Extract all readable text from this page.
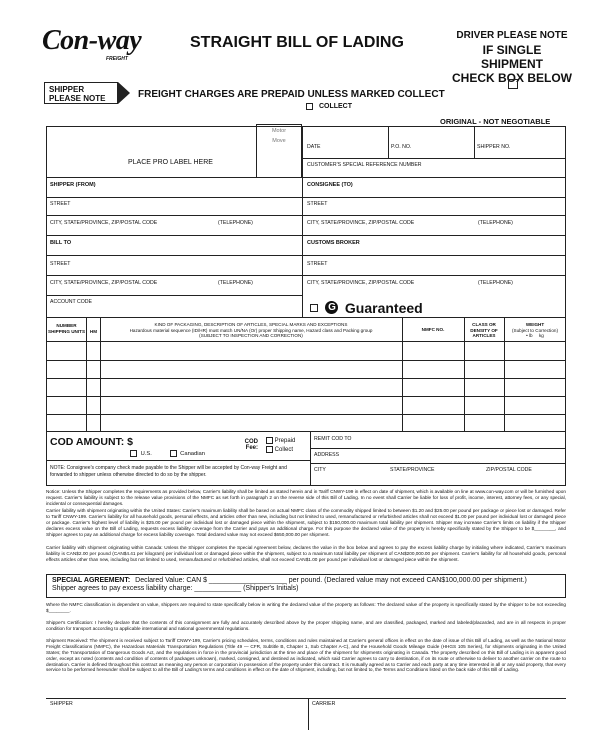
Con-way
FREIGHT
STRAIGHT BILL OF LADING	DRIVER PLEASE NOTE
IF SINGLE SHIPMENT
CHECK BOX BELOW
SHIPPER
PLEASE NOTE	FREIGHT CHARGES ARE PREPAID UNLESS MARKED COLLECT
COLLECT
ORIGINAL - NOT NEGOTIABLE
Motor
Move
PLACE PRO LABEL HERE
DATE	P.O. NO.	SHIPPER NO.
CUSTOMER'S SPECIAL REFERENCE NUMBER
SHIPPER (FROM)	CONSIGNEE (TO)
STREET	STREET
CITY, STATE/PROVINCE, ZIP/POSTAL CODE	(TELEPHONE)	CITY, STATE/PROVINCE, ZIP/POSTAL CODE	(TELEPHONE)
BILL TO	CUSTOMS BROKER
STREET	STREET
CITY, STATE/PROVINCE, ZIP/POSTAL CODE	(TELEPHONE)	CITY, STATE/PROVINCE, ZIP/POSTAL CODE	(TELEPHONE)
ACCOUNT CODE
G Guaranteed
NUMBER SHIPPING UNITS	HM
KIND OF PACKAGING, DESCRIPTION OF ARTICLES, SPECIAL MARKS AND EXCEPTIONS
Hazardous material sequence (ID/HR) must match UN/NA (Or) proper Shipping name, Hazard class and Packing group
(SUBJECT TO INSPECTION AND CORRECTION)
NMFC NO.
CLASS OR DENSITY OF ARTICLES
WEIGHT
(Subject to Correction)
• lb kg
COD AMOUNT: $
U.S.	Canadian
COD
Fee:
Prepaid
Collect
NOTE: Consignee's company check made payable to the Shipper will be accepted by Con-way Freight and forwarded to shipper unless otherwise directed to do so by the shipper.
REMIT COD TO
ADDRESS
CITY	STATE/PROVINCE	ZIP/POSTAL CODE
Notice: Unless the Shipper completes the requirements as provided below, Carrier's liability shall be limited as stated herein and in Tariff CNWY-199 in effect on date of shipment, which is available on line at www.con-way.com or will be furnished upon request. Carrier's liability is subject to the release value provisions of the NMFC as set forth in paragraph 2 on the reverse side of this Bill of Lading. In no event shall Carrier be liable for loss of profit, income, interest, attorney fees, or any special, incidental or consequential damages.
Carrier liability with shipment originating within the United States: Carrier's maximum liability shall be based on actual NMFC class of the commodity shipped limited to between $1.20 and $25.00 per pound per package or piece lost or damaged. Refer to Tariff CNWY-199. Carrier's liability for all household goods, personal effects, and articles other than new, including but not limited to used, remanufactured or refurbished articles shall not exceed $1.00 per pound per individual lost or damaged piece or package. Carrier's highest level of liability is $25.00 per pound per individual lost or damaged piece within the shipment, subject to $150,000.00 maximum total liability per shipment. Shipper may increase Carrier's limits on liability if the Shipper declares excess value on the Bill of Lading, requests excess liability coverage from the Carrier and pays an additional charge. For this purpose the declared value of the property is hereby specifically stated by the Shipper to be $________, and Shipper agrees to pay an additional charge for excess liability coverage. Total declared value may not exceed $650,000.00 per shipment.
Carrier liability with shipment originating within Canada: Unless the Shipper completes the Special Agreement below, declares the value in the box below and agrees to pay the excess liability charge by initialing where indicated, Carrier's maximum liability is CAN$2.00 per pound (CAN$4.41 per kilogram) per individual lost or damaged piece within the shipment, subject to a maximum total liability per shipment of CAN$200,000.00 per shipment. Carrier's liability for all household goods, personal effects articles other than new, including but not limited to used, remanufactured or refurbished articles, shall not exceed CAN$1.00 per pound per individual lost or damaged piece within the shipment.
SPECIAL AGREEMENT: Declared Value: CAN $ ____________________ per pound. (Declared value may not exceed CAN$100,000.00 per shipment.)
Shipper agrees to pay excess liability charge: ____________ (Shipper's Initials)
Where the NMFC classification is dependent on value, shippers are required to state specifically below in writing the declared value of the property as follows: The declared value of the property is specifically stated by the shipper to be not exceeding $________.
Shipper's Certification: I hereby declare that the contents of this consignment are fully and accurately described above by the proper shipping name, and are classified, packaged, marked and labeled/placarded, and are in all respects in proper condition for transport according to applicable international and national governmental regulations.
Shipment Received: The shipment is received subject to Tariff CNWY-199, Carrier's pricing schedules, terms, conditions and rules maintained at Carrier's general offices in effect on the date of issue of this Bill of Lading, as well as the National Motor Freight Classifications (NMFC), the Hazardous Materials Transportation Regulations (Title 49 — CFR, Subtitle B, Chapter 1, Sub Chapter A-C), and the Household Goods Mileage Guide (HHGS 105 Series), for shipments originating in the United States; the Transportation of Dangerous Goods Act, and the regulations in force in the provincial jurisdiction at the time and place of the shipment for shipments originating in Canada. The property described on this Bill of Lading is in apparent good order, except as noted (contents and condition of contents of packages unknown), marked, consigned, and destined as indicated, which said Carrier agrees to carry to destination, if on its route or otherwise to deliver to another carrier on the route to destination. Carrier is defined throughout this contract as meaning any person or corporation in possession of the property under this contract. It is mutually agreed as to Carrier and each party at any time interested in all or any said property, that every service to be performed hereunder shall be subject to all the Bill of Lading's terms and conditions in effect on the date of shipment, including, but not limited to, the Terms and Conditions listed on the back side of this Bill of Lading.
SHIPPER	CARRIER
